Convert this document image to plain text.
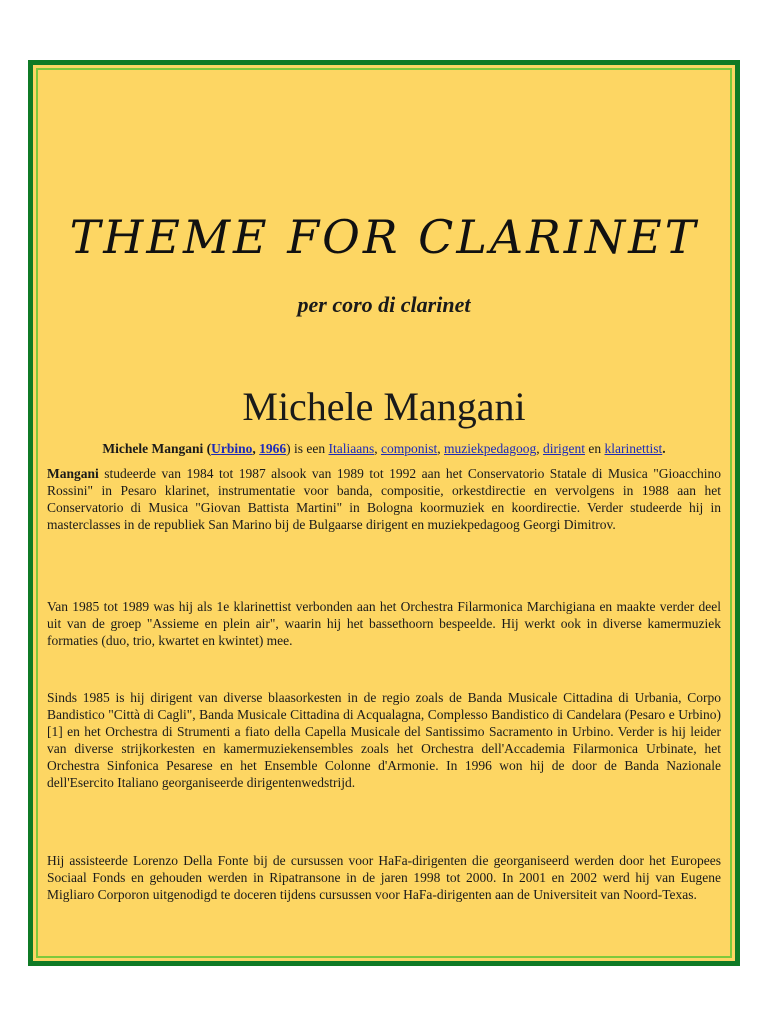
THEME FOR CLARINET
per coro di clarinet
Michele Mangani
Michele Mangani (Urbino, 1966) is een Italiaans, componist, muziekpedagoog, dirigent en klarinettist.

Mangani studeerde van 1984 tot 1987 alsook van 1989 tot 1992 aan het Conservatorio Statale di Musica "Gioacchino Rossini" in Pesaro klarinet, instrumentatie voor banda, compositie, orkestdirectie en vervolgens in 1988 aan het Conservatorio di Musica "Giovan Battista Martini" in Bologna koormuziek en koordirectie. Verder studeerde hij in masterclasses in de republiek San Marino bij de Bulgaarse dirigent en muziekpedagoog Georgi Dimitrov.

Van 1985 tot 1989 was hij als 1e klarinettist verbonden aan het Orchestra Filarmonica Marchigiana en maakte verder deel uit van de groep "Assieme en plein air", waarin hij het bassethoorn bespeelde. Hij werkt ook in diverse kamermuziek formaties (duo, trio, kwartet en kwintet) mee.

Sinds 1985 is hij dirigent van diverse blaasorkesten in de regio zoals de Banda Musicale Cittadina di Urbania, Corpo Bandistico "Città di Cagli", Banda Musicale Cittadina di Acqualagna, Complesso Bandistico di Candelara (Pesaro e Urbino)[1] en het Orchestra di Strumenti a fiato della Capella Musicale del Santissimo Sacramento in Urbino. Verder is hij leider van diverse strijkorkesten en kamermuziekensembles zoals het Orchestra dell'Accademia Filarmonica Urbinate, het Orchestra Sinfonica Pesarese en het Ensemble Colonne d'Armonie. In 1996 won hij de door de Banda Nazionale dell'Esercito Italiano georganiseerde dirigentenwedstrijd.

Hij assisteerde Lorenzo Della Fonte bij de cursussen voor HaFa-dirigenten die georganiseerd werden door het Europees Sociaal Fonds en gehouden werden in Ripatransone in de jaren 1998 tot 2000. In 2001 en 2002 werd hij van Eugene Migliaro Corporon uitgenodigd te doceren tijdens cursussen voor HaFa-dirigenten aan de Universiteit van Noord-Texas.
